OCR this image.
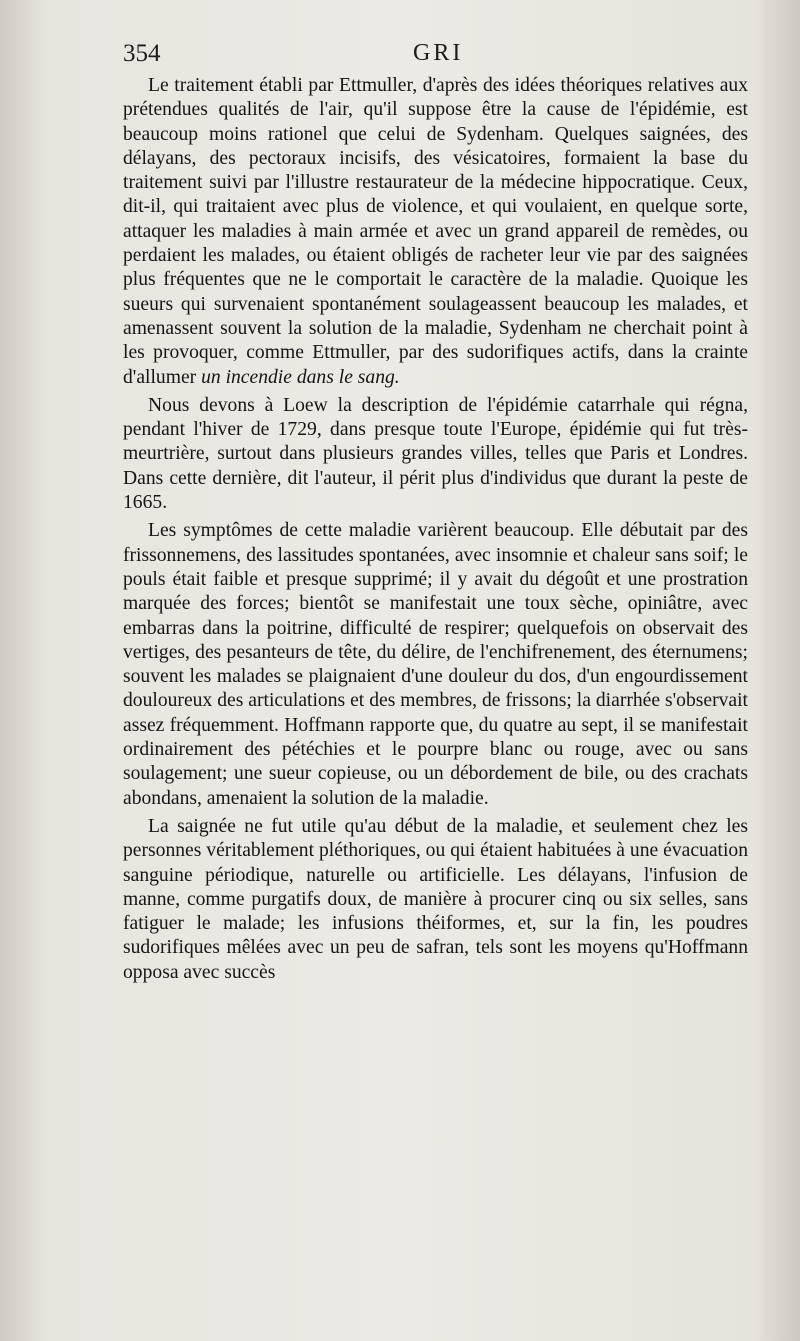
354	GRI

Le traitement établi par Ettmuller, d'après des idées théoriques relatives aux prétendues qualités de l'air, qu'il suppose être la cause de l'épidémie, est beaucoup moins rationel que celui de Sydenham. Quelques saignées, des délayans, des pectoraux incisifs, des vésicatoires, formaient la base du traitement suivi par l'illustre restaurateur de la médecine hippocratique. Ceux, dit-il, qui traitaient avec plus de violence, et qui voulaient, en quelque sorte, attaquer les maladies à main armée et avec un grand appareil de remèdes, ou perdaient les malades, ou étaient obligés de racheter leur vie par des saignées plus fréquentes que ne le comportait le caractère de la maladie. Quoique les sueurs qui survenaient spontanément soulageassent beaucoup les malades, et amenassent souvent la solution de la maladie, Sydenham ne cherchait point à les provoquer, comme Ettmuller, par des sudorifiques actifs, dans la crainte d'allumer un incendie dans le sang.

Nous devons à Loew la description de l'épidémie catarrhale qui régna, pendant l'hiver de 1729, dans presque toute l'Europe, épidémie qui fut très-meurtrière, surtout dans plusieurs grandes villes, telles que Paris et Londres. Dans cette dernière, dit l'auteur, il périt plus d'individus que durant la peste de 1665.

Les symptômes de cette maladie varièrent beaucoup. Elle débutait par des frissonnemens, des lassitudes spontanées, avec insomnie et chaleur sans soif; le pouls était faible et presque supprimé; il y avait du dégoût et une prostration marquée des forces; bientôt se manifestait une toux sèche, opiniâtre, avec embarras dans la poitrine, difficulté de respirer; quelquefois on observait des vertiges, des pesanteurs de tête, du délire, de l'enchifrenement, des éternumens; souvent les malades se plaignaient d'une douleur du dos, d'un engourdissement douloureux des articulations et des membres, de frissons; la diarrhée s'observait assez fréquemment. Hoffmann rapporte que, du quatre au sept, il se manifestait ordinairement des pétéchies et le pourpre blanc ou rouge, avec ou sans soulagement; une sueur copieuse, ou un débordement de bile, ou des crachats abondans, amenaient la solution de la maladie.

La saignée ne fut utile qu'au début de la maladie, et seulement chez les personnes véritablement pléthoriques, ou qui étaient habituées à une évacuation sanguine périodique, naturelle ou artificielle. Les délayans, l'infusion de manne, comme purgatifs doux, de manière à procurer cinq ou six selles, sans fatiguer le malade; les infusions théiformes, et, sur la fin, les poudres sudorifiques mêlées avec un peu de safran, tels sont les moyens qu'Hoffmann opposa avec succès
